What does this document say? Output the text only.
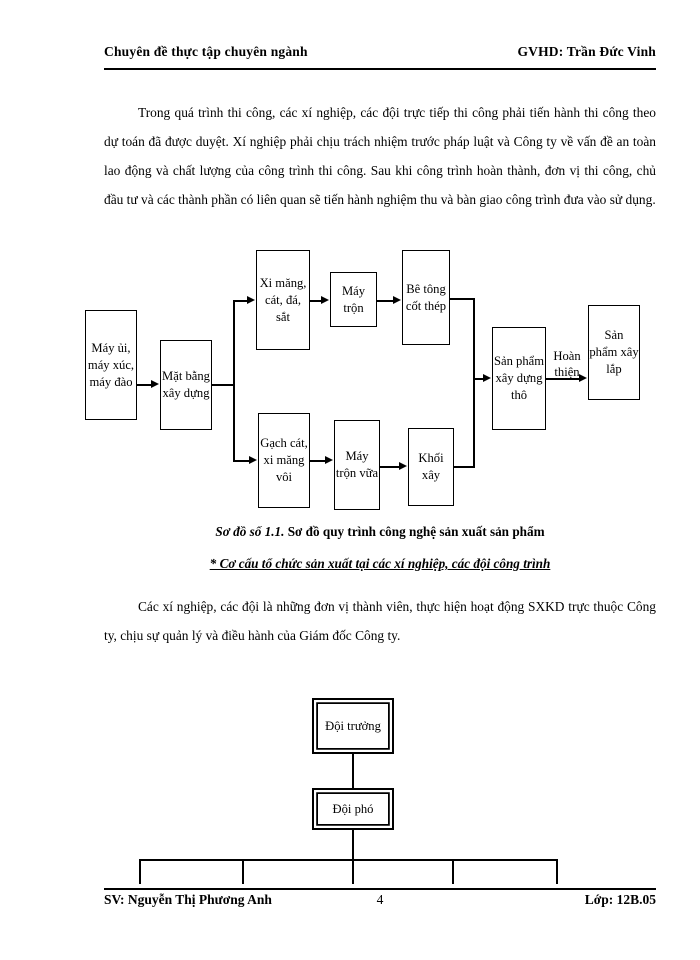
Chuyên đề thực tập chuyên ngành	GVHD: Trần Đức Vinh
Trong quá trình thi công, các xí nghiệp, các đội trực tiếp thi công phải tiến hành thi công theo dự toán đã được duyệt. Xí nghiệp phải chịu trách nhiệm trước pháp luật và Công ty về vấn đề an toàn lao động và chất lượng của công trình thi công. Sau khi công trình hoàn thành, đơn vị thi công, chủ đầu tư và các thành phần có liên quan sẽ tiến hành nghiệm thu và bàn giao công trình đưa vào sử dụng.
Máy ủi, máy xúc, máy đào Mặt bằng xây dựng
Xi măng, cát, đá, sắt
Máy trộn
Bê tông cốt thép
Gạch cát, xi măng vôi
Máy trộn vữa
Khối xây
Sản phẩm xây dựng thô
Sản phẩm xây lắp
Hoàn thiện
Sơ đồ số 1.1. Sơ đồ quy trình công nghệ sản xuất sản phẩm
* Cơ cấu tổ chức sản xuất tại các xí nghiệp, các đội công trình
Các xí nghiệp, các đội là những đơn vị thành viên, thực hiện hoạt động SXKD trực thuộc Công ty, chịu sự quản lý và điều hành của Giám đốc Công ty.
Đội trưởng
Đội phó
SV: Nguyễn Thị Phương Anh	4	Lớp: 12B.05
